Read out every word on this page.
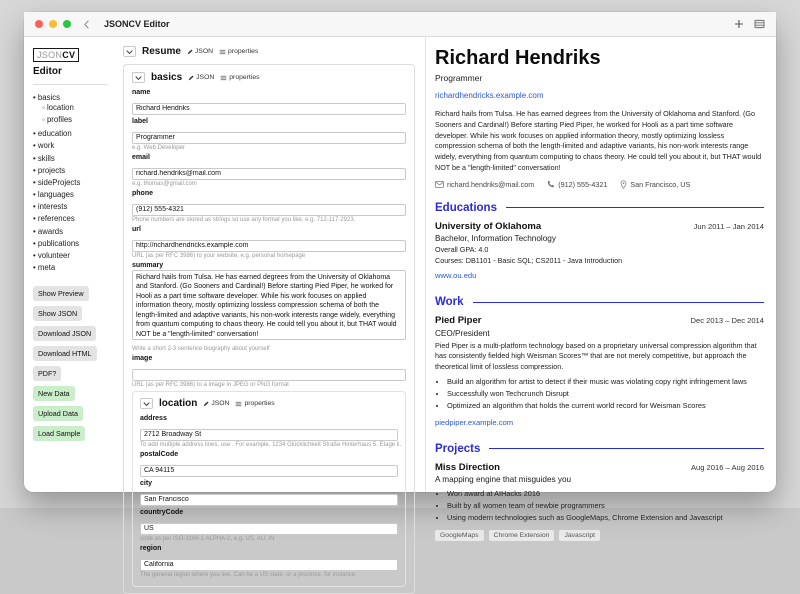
JSONCV Editor
JSONCV
Editor
• basics
◦ location
◦ profiles
• education
• work
• skills
• projects
• sideProjects
• languages
• interests
• references
• awards
• publications
• volunteer
• meta
Show Preview
Show JSON
Download JSON
Download HTML
PDF?
New Data
Upload Data
Load Sample
Resume JSON properties
basics JSON properties
name
Richard Hendriks
label
Programmer
e.g. Web Developer
email
richard.hendriks@mail.com
e.g. thomas@gmail.com
phone
(912) 555-4321
Phone numbers are stored as strings so use any format you like, e.g. 712-117-2923.
url
http://richardhendricks.example.com
URL (as per RFC 3986) to your website, e.g. personal homepage
summary
Richard hails from Tulsa. He has earned degrees from the University of Oklahoma and Stanford. (Go Sooners and Cardinal!) Before starting Pied Piper, he worked for Hooli as a part time software developer. While his work focuses on applied information theory, mostly optimizing lossless compression schema of both the length-limited and adaptive variants, his non-work interests range widely, everything from quantum computing to chaos theory. He could tell you about it, but THAT would NOT be a "length-limited" conversation!
Write a short 2-3 sentence biography about yourself
image
URL (as per RFC 3986) to a image in JPEG or PNG format
location JSON properties
address
2712 Broadway St
To add multiple address lines, use . For example, 1234 Glücklichkeit Straße Hinterhaus 5. Etage li.
postalCode
CA 94115
city
San Francisco
countryCode
US
code as per ISO-3166-1 ALPHA-2, e.g. US, AU, IN
region
California
The general region where you live. Can be a US state, or a province, for instance.
Richard Hendriks
Programmer
richardhendricks.example.com

Richard hails from Tulsa. He has earned degrees from the University of Oklahoma and Stanford. (Go Sooners and Cardinal!) Before starting Pied Piper, he worked for Hooli as a part time software developer. While his work focuses on applied information theory, mostly optimizing lossless compression schema of both the length-limited and adaptive variants, his non-work interests range widely, everything from quantum computing to chaos theory. He could tell you about it, but THAT would NOT be a "length-limited" conversation!

richard.hendriks@mail.com	(912) 555-4321	San Francisco, US
Educations
University of Oklahoma	Jun 2011 – Jan 2014
Bachelor, Information Technology
Overall GPA: 4.0
Courses: DB1101 - Basic SQL; CS2011 - Java Introduction
www.ou.edu
Work
Pied Piper	Dec 2013 – Dec 2014
CEO/President

Pied Piper is a multi-platform technology based on a proprietary universal compression algorithm that has consistently fielded high Weisman Scores™ that are not merely competitive, but approach the theoretical limit of lossless compression.

• Build an algorithm for artist to detect if their music was violating copy right infringement laws
• Successfully won Techcrunch Disrupt
• Optimized an algorithm that holds the current world record for Weisman Scores
piedpiper.example.com
Projects
Miss Direction	Aug 2016 – Aug 2016
A mapping engine that misguides you
• Won award at AIHacks 2016
• Built by all women team of newbie programmers
• Using modern technologies such as GoogleMaps, Chrome Extension and Javascript
GoogleMaps	Chrome Extension	Javascript
